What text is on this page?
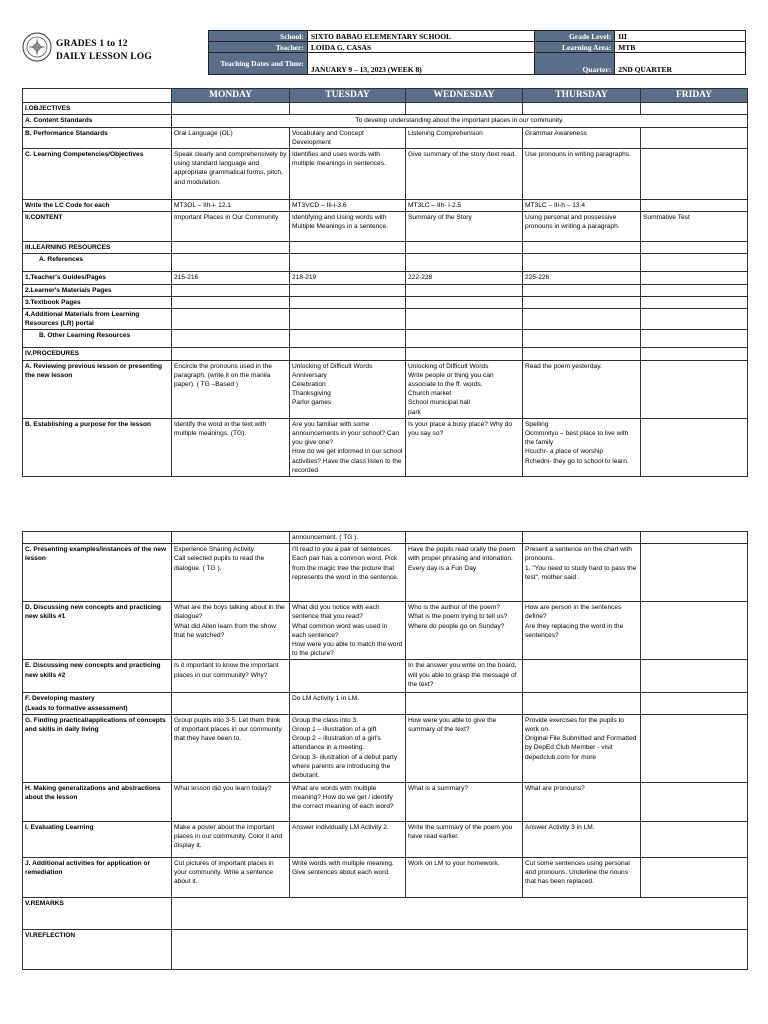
GRADES 1 to 12
DAILY LESSON LOG
School:	SIXTO BABAO ELEMENTARY SCHOOL	Grade Level:	III
Teacher:	LOIDA G. CASAS	Learning Area:	MTB
Teaching Dates and Time:	JANUARY 9 – 13, 2023 (WEEK 8)	Quarter:	2ND QUARTER
	MONDAY	TUESDAY	WEDNESDAY	THURSDAY	FRIDAY
I.OBJECTIVES					
A. Content Standards	To develop understanding about the important places in our community.				
B. Performance Standards	Oral Language (OL)	Vocabulary and Concept Development	Listening Comprehension	Grammar Awareness	
C. Learning Competencies/Objectives	Speak clearly and comprehensively by using standard language and appropriate grammatical forms, pitch, and modulation.	Identifies and uses words with multiple meanings in sentences.	Give summary of the story /text read.	Use pronouns in writing paragraphs.	
Write the LC Code for each	MT3OL – IIh-i- 12.1	MT3VCD – IIi-i-3.6	MT3LC – IIh- i-2.5	MT3LC – IIi-h – 13.4	
II.CONTENT	Important Places in Our Community	Identifying and Using words with Multiple Meanings in a sentence.	Summary of the Story	Using personal and possessive pronouns in writing a paragraph.	Summative Test
III.LEARNING RESOURCES					
A. References					
1.Teacher's Guides/Pages	215-216	218-219	222-228	225-226	
2.Learner's Materials Pages					
3.Textbook Pages					
4.Additional Materials from Learning Resources (LR) portal					
B. Other Learning Resources					
IV.PROCEDURES					
A. Reviewing previous lesson or presenting the new lesson	Encircle the pronouns used in the paragraph. (write it on the manila paper). ( TG –Based )	Unlocking of Difficult Words
Anniversary
Celebration
Thanksgiving
Parlor games	Unlocking of Difficult Words
Write people or thing you can associate to the ff. words.
Church market
School municipal hall
park	Read the poem yesterday.	
B. Establishing a purpose for the lesson	Identify the word in the text with multiple meanings. (TG).	Are you familiar with some announcements in your school? Can you give one?
How do we get informed in our school activities? Have the class listen to the recorded	Is your place a busy place? Why do you say so?	Spelling
Ocmmnityu – best place to live with the family
Hcuchr- a place of worship
Rchedni- they go to school to learn.	
		announcement. ( TG ).			
C. Presenting examples/instances of the new lesson	Experience Sharing Activity.
Call selected pupils to read the dialogue. ( TG ).	I'll read to you a pair of sentences. Each pair has a common word. Pick from the magic tree the picture that represents the word in the sentence.	Have the pupils read orally the poem with proper phrasing and intonation.
Every day is a Fun Day	Present a sentence on the chart with pronouns.
1. "You need to study hard to pass the test", mother said .	
D. Discussing new concepts and practicing new skills #1	What are the boys talking about in the dialogue?
What did Allen learn from the show that he watched?	What did you notice with each sentence that you read?
What common word was used in each sentence?
How were you able to match the word to the picture?	Who is the author of the poem?
What is the poem trying to tell us?
Where do people go on Sunday?	How are person in the sentences define?
Are they replacing the word in the sentences?	
E. Discussing new concepts and practicing new skills #2	Is it important to know the important places in our community? Why?		In the answer you write on the board, will you able to grasp the message of the text?		
F. Developing mastery
(Leads to formative assessment)		Do LM Activity 1 in LM.			
G. Finding practical/applications of concepts and skills in daily living	Group pupils into 3-5. Let them think of important places in our community that they have been to.	Group the class into 3.
Group 1 – illustration of a gift
Group 2 – illustration of a girl's attendance in a meeting.
Group 3- illustration of a debut party where parents are introducing the debutant.	How were you able to give the summary of the text?	Provide exercises for the pupils to work on.
Original File Submitted and Formatted by DepEd Club Member - visit depedclub.com for more	
H. Making generalizations and abstractions about the lesson	What lesson did you learn today?	What are words with multiple meaning? How do we get / identify the correct meaning of each word?	What is a summary?	What are pronouns?	
I. Evaluating Learning	Make a poster about the important places in our community. Color it and display it.	Answer individually LM Activity 2.	Write the summary of the poem you have read earlier.	Answer Activity 3 in LM.	
J. Additional activities for application or remediation	Cut pictures of important places in your community. Write a sentence about it.	Write words with multiple meaning. Give sentences about each word.	Work on LM to your homework.	Cut some sentences using personal and pronouns. Underline the nouns that has been replaced.	
V.REMARKS					
VI.REFLECTION					
